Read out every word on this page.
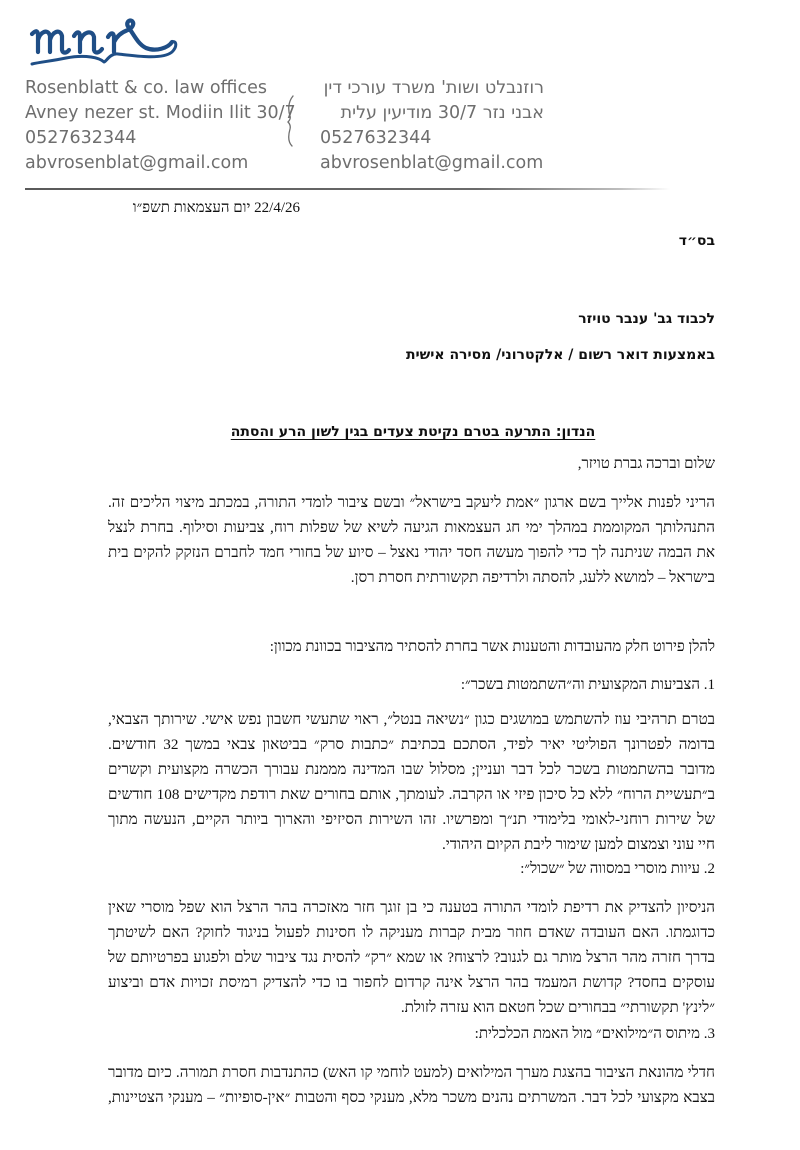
Rosenblatt & co. law offices
Avney nezer st. Modiin Ilit 30/7
0527632344
abvrosenblat@gmail.com
רוזנבלט ושות' משרד עורכי דין
אבני נזר 30/7 מודיעין עלית
0527632344
abvrosenblat@gmail.com
22/4/26 יום העצמאות תשפ״ו
בס״ד
לכבוד גב' ענבר טויזר
באמצעות דואר רשום / אלקטרוני/ מסירה אישית
הנדון: התרעה בטרם נקיטת צעדים בגין לשון הרע והסתה
שלום וברכה גברת טויזר,
הריני לפנות אלייך בשם ארגון ״אמת ליעקב בישראל״ ובשם ציבור לומדי התורה, במכתב מיצוי הליכים זה.
התנהלותך המקוממת במהלך ימי חג העצמאות הגיעה לשיא של שפלות רוח, צביעות וסילוף. בחרת לנצל
את הבמה שניתנה לך כדי להפוך מעשה חסד יהודי נאצל – סיוע של בחורי חמד לחברם הנזקק להקים בית
בישראל – למושא ללעג, להסתה ולרדיפה תקשורתית חסרת רסן.
להלן פירוט חלק מהעובדות והטענות אשר בחרת להסתיר מהציבור בכוונת מכוון:
1. הצביעות המקצועית וה״השתמטות בשכר״:
בטרם תרהיבי עוז להשתמש במושגים כגון ״נשיאה בנטל״, ראוי שתעשי חשבון נפש אישי. שירותך הצבאי,
בדומה לפטרונך הפוליטי יאיר לפיד, הסתכם בכתיבת ״כתבות סרק״ בביטאון צבאי במשך 32 חודשים.
מדובר בהשתמטות בשכר לכל דבר ועניין; מסלול שבו המדינה מממנת עבורך הכשרה מקצועית וקשרים
ב״תעשיית הרוח״ ללא כל סיכון פיזי או הקרבה. לעומתך, אותם בחורים שאת רודפת מקדישים 108 חודשים
של שירות רוחני-לאומי בלימודי תנ״ך ומפרשיו. זהו השירות הסיזיפי והארוך ביותר הקיים, הנעשה מתוך
חיי עוני וצמצום למען שימור ליבת הקיום היהודי.
2. עיוות מוסרי במסווה של ״שכול״:
הניסיון להצדיק את רדיפת לומדי התורה בטענה כי בן זוגך חזר מאזכרה בהר הרצל הוא שפל מוסרי שאין
כדוגמתו. האם העובדה שאדם חוזר מבית קברות מעניקה לו חסינות לפעול בניגוד לחוק? האם לשיטתך
בדרך חזרה מהר הרצל מותר גם לגנוב? לרצוח? או שמא ״רק״ להסית נגד ציבור שלם ולפגוע בפרטיותם של
עוסקים בחסד? קדושת המעמד בהר הרצל אינה קרדום לחפור בו כדי להצדיק רמיסת זכויות אדם וביצוע
״לינץ' תקשורתי״ בבחורים שכל חטאם הוא עזרה לזולת.
3. מיתוס ה״מילואים״ מול האמת הכלכלית:
חדלי מהונאת הציבור בהצגת מערך המילואים (למעט לוחמי קו האש) כהתנדבות חסרת תמורה. כיום מדובר
בצבא מקצועי לכל דבר. המשרתים נהנים משכר מלא, מענקי כסף והטבות ״אין-סופיות״ – מענקי הצטיינות,
